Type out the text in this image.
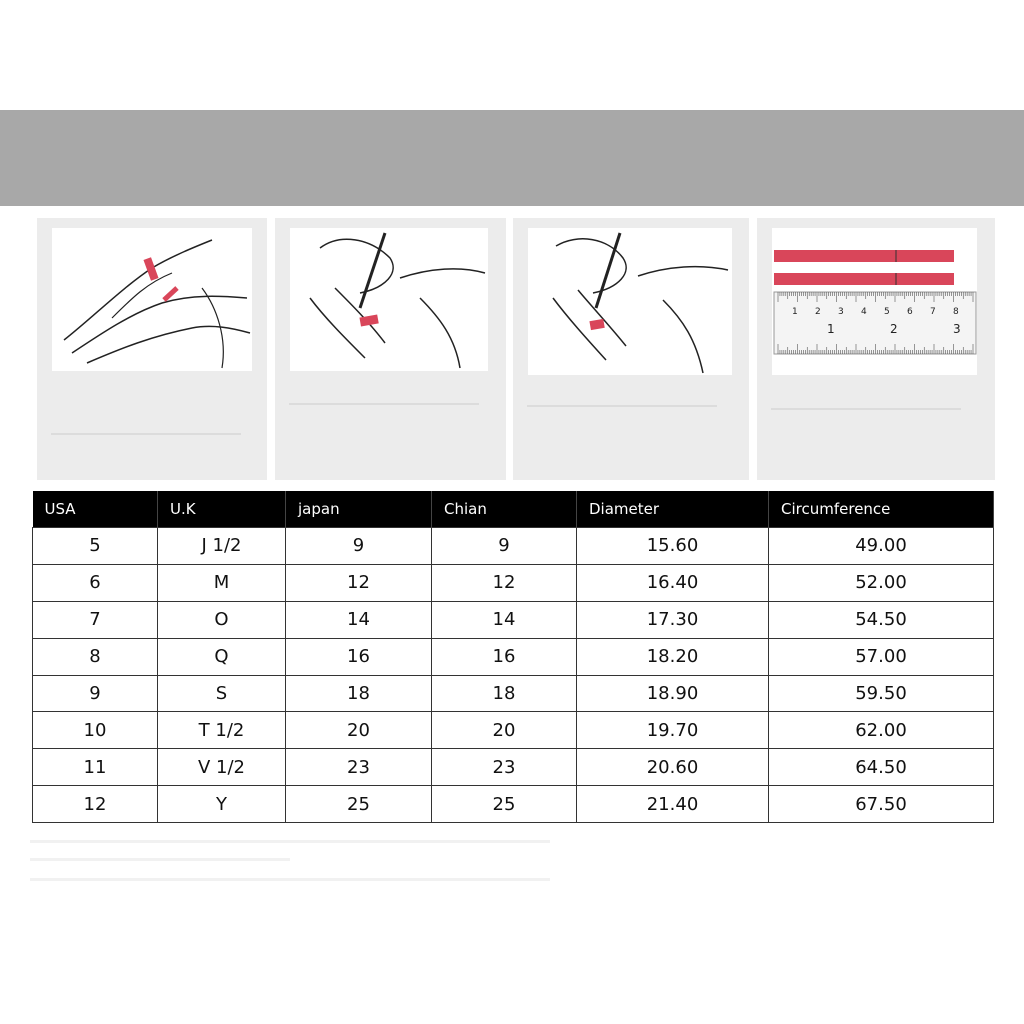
1 2 3 4 5 6 7 8
1	2	3
USA	U.K	japan	Chian	Diameter	Circumference
5	J 1/2	9	9	15.60	49.00
6	M	12	12	16.40	52.00
7	O	14	14	17.30	54.50
8	Q	16	16	18.20	57.00
9	S	18	18	18.90	59.50
10	T 1/2	20	20	19.70	62.00
11	V 1/2	23	23	20.60	64.50
12	Y	25	25	21.40	67.50
